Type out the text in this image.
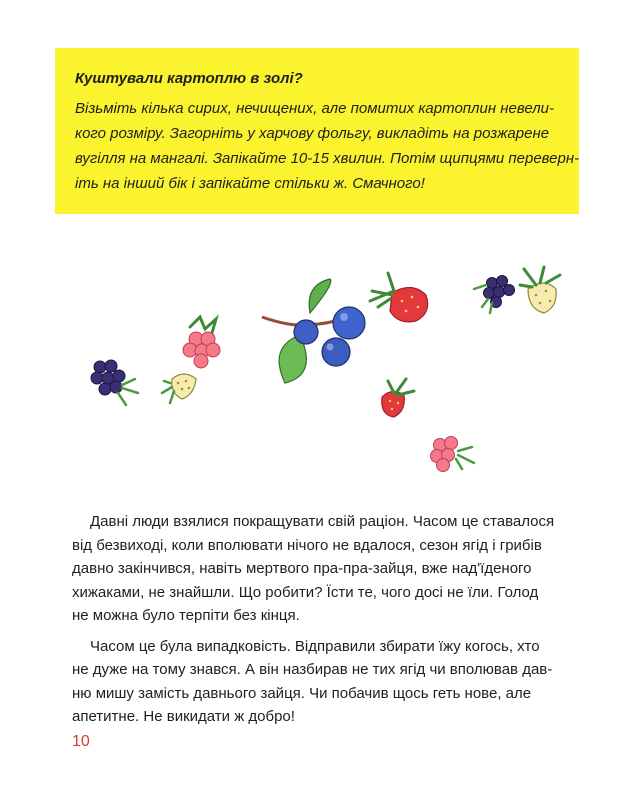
Куштували картоплю в золі?
Візьміть кілька сирих, нечищених, але помитих картоплин невели-
кого розміру. Загорніть у харчову фольгу, викладіть на розжарене
вугілля на мангалі. Запікайте 10-15 хвилин. Потім щипцями переверн-
іть на інший бік і запікайте стільки ж. Смачного!

Давні люди взялися покращувати свій раціон. Часом це ставалося
від безвиході, коли вполювати нічого не вдалося, сезон ягід і грибів
давно закінчився, навіть мертвого пра-пра-зайця, вже над'їденого
хижаками, не знайшли. Що робити? Їсти те, чого досі не їли. Голод
не можна було терпіти без кінця.

Часом це була випадковість. Відправили збирати їжу когось, хто
не дуже на тому знався. А він назбирав не тих ягід чи вполював дав-
ню мишу замість давнього зайця. Чи побачив щось геть нове, але
апетитне. Не викидати ж добро!

10
